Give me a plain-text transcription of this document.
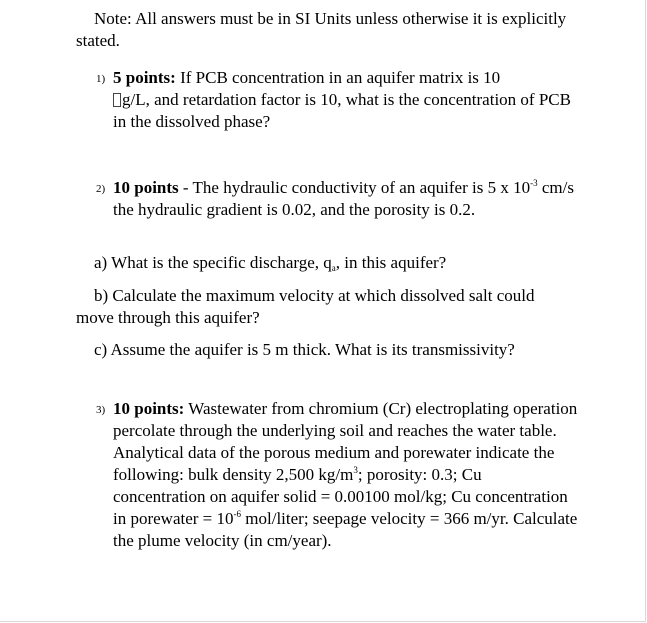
Note: All answers must be in SI Units unless otherwise it is explicitly stated.
1) 5 points: If PCB concentration in an aquifer matrix is 10
g/L, and retardation factor is 10, what is the concentration of PCB in the dissolved phase?
2) 10 points - The hydraulic conductivity of an aquifer is 5 x $10^{-3}$ cm/s the hydraulic gradient is 0.02, and the porosity is 0.2.
a) What is the specific discharge, $q_a$, in this aquifer?
b) Calculate the maximum velocity at which dissolved salt could move through this aquifer?
c) Assume the aquifer is 5 m thick. What is its transmissivity?
3) 10 points: Wastewater from chromium (Cr) electroplating operation percolate through the underlying soil and reaches the water table. Analytical data of the porous medium and porewater indicate the following: bulk density 2,500 $kg/m^3$; porosity: 0.3; Cu concentration on aquifer solid = 0.00100 mol/kg; Cu concentration in porewater = $10^{-6}$ mol/liter; seepage velocity = 366 m/yr. Calculate the plume velocity (in cm/year).
